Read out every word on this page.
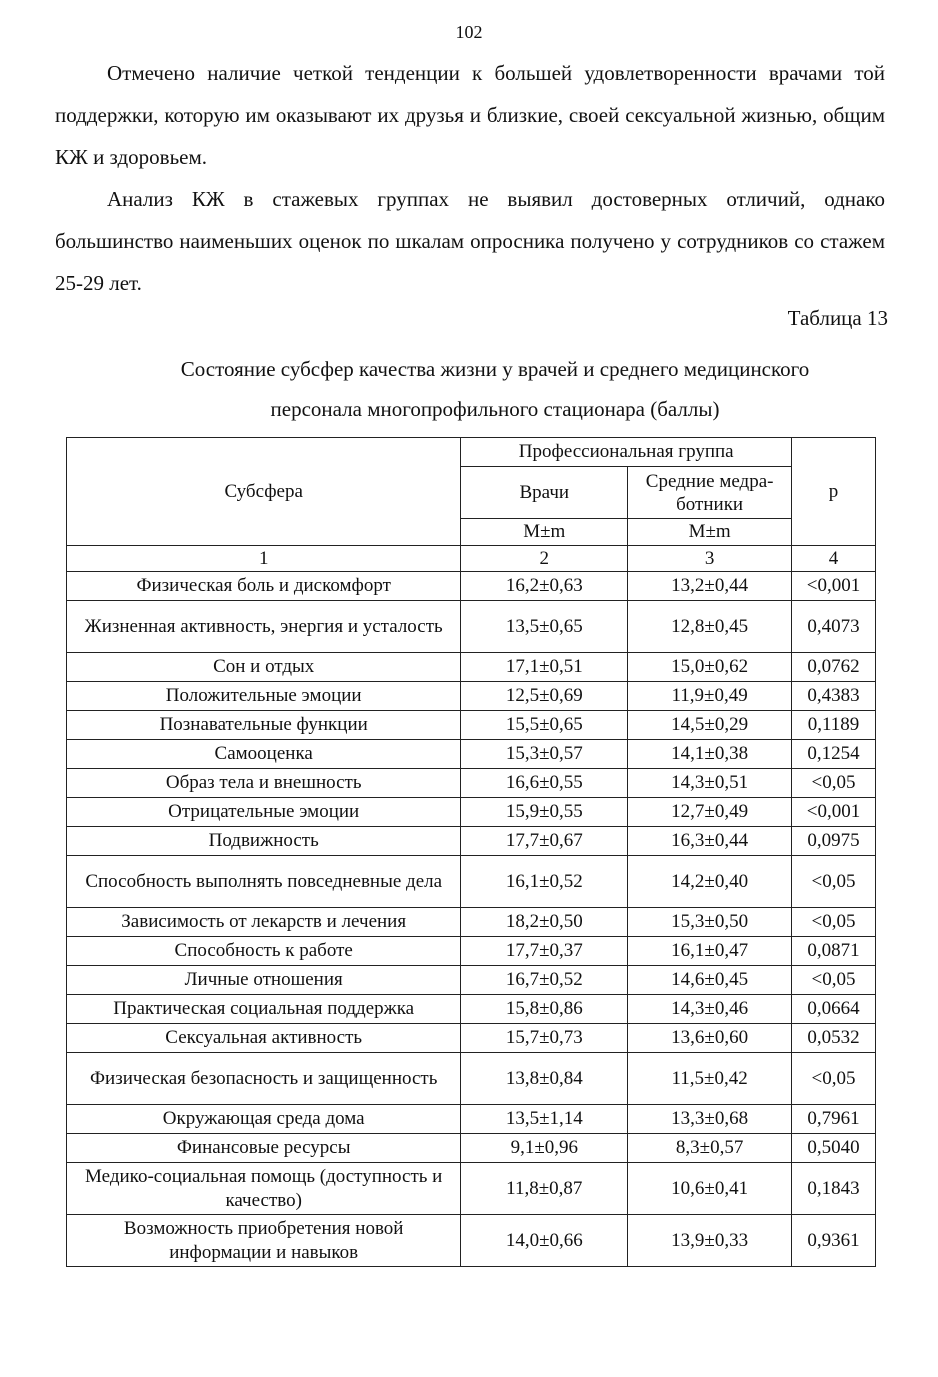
102

Отмечено наличие четкой тенденции к большей удовлетворенности врачами той поддержки, которую им оказывают их друзья и близкие, своей сексуальной жизнью, общим КЖ и здоровьем.

Анализ КЖ в стажевых группах не выявил достоверных отличий, однако большинство наименьших оценок по шкалам опросника получено у сотрудников со стажем 25-29 лет.

Таблица 13
Состояние субсфер качества жизни у врачей и среднего медицинского
персонала многопрофильного стационара (баллы)
Субсфера	Профессиональная группа		p
	Врачи	Средние медра-ботники	
	M±m	M±m	
1	2	3	4
Физическая боль и дискомфорт	16,2±0,63	13,2±0,44	<0,001
Жизненная активность, энергия и усталость	13,5±0,65	12,8±0,45	0,4073
Сон и отдых	17,1±0,51	15,0±0,62	0,0762
Положительные эмоции	12,5±0,69	11,9±0,49	0,4383
Познавательные функции	15,5±0,65	14,5±0,29	0,1189
Самооценка	15,3±0,57	14,1±0,38	0,1254
Образ тела и внешность	16,6±0,55	14,3±0,51	<0,05
Отрицательные эмоции	15,9±0,55	12,7±0,49	<0,001
Подвижность	17,7±0,67	16,3±0,44	0,0975
Способность выполнять повседневные дела	16,1±0,52	14,2±0,40	<0,05
Зависимость от лекарств и лечения	18,2±0,50	15,3±0,50	<0,05
Способность к работе	17,7±0,37	16,1±0,47	0,0871
Личные отношения	16,7±0,52	14,6±0,45	<0,05
Практическая социальная поддержка	15,8±0,86	14,3±0,46	0,0664
Сексуальная активность	15,7±0,73	13,6±0,60	0,0532
Физическая безопасность и защищенность	13,8±0,84	11,5±0,42	<0,05
Окружающая среда дома	13,5±1,14	13,3±0,68	0,7961
Финансовые ресурсы	9,1±0,96	8,3±0,57	0,5040
Медико-социальная помощь (доступность и качество)	11,8±0,87	10,6±0,41	0,1843
Возможность приобретения новой информации и навыков	14,0±0,66	13,9±0,33	0,9361
